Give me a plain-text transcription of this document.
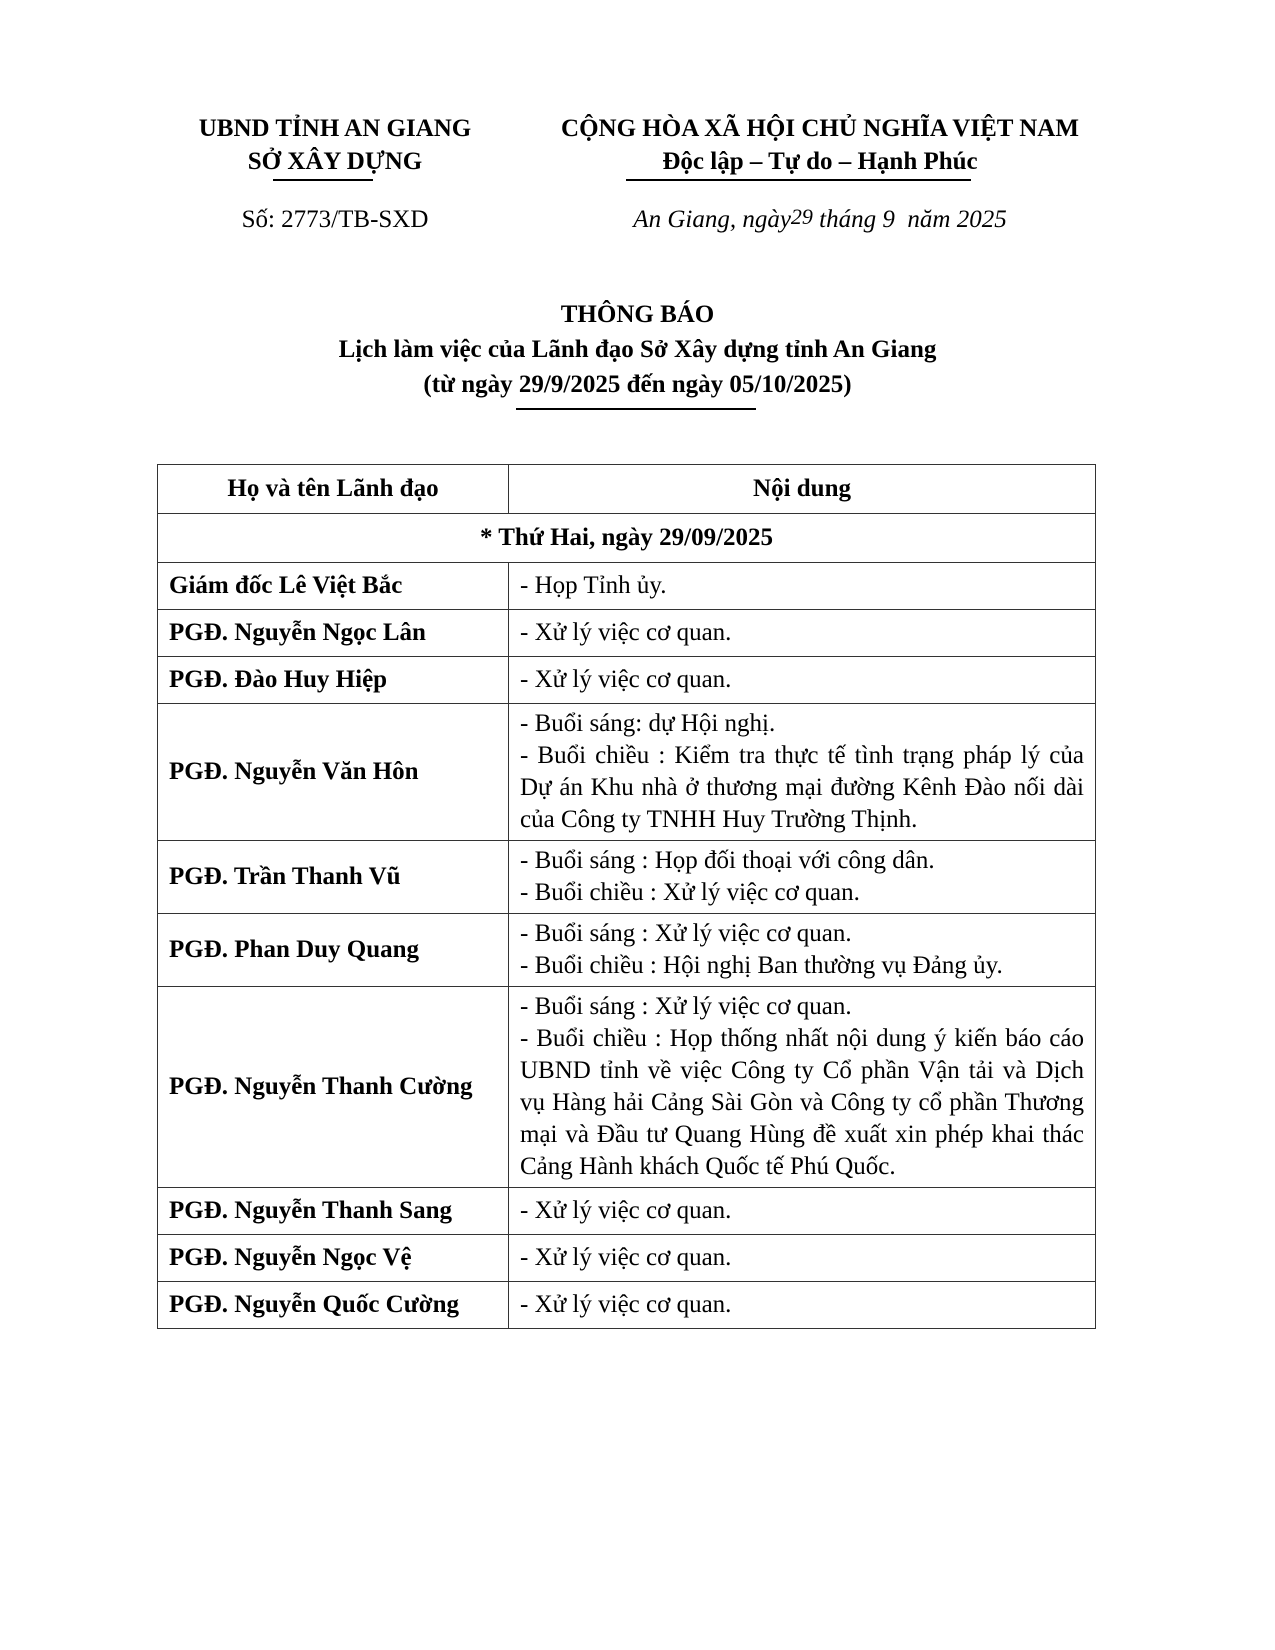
UBND TỈNH AN GIANG
SỞ XÂY DỰNG
CỘNG HÒA XÃ HỘI CHỦ NGHĨA VIỆT NAM
Độc lập – Tự do – Hạnh Phúc
Số: 2773/TB-SXD	An Giang, ngày29 tháng 9 năm 2025
THÔNG BÁO
Lịch làm việc của Lãnh đạo Sở Xây dựng tỉnh An Giang
(từ ngày 29/9/2025 đến ngày 05/10/2025)
Họ và tên Lãnh đạo	Nội dung
* Thứ Hai, ngày 29/09/2025	
Giám đốc Lê Việt Bắc	- Họp Tỉnh ủy.

PGĐ. Nguyễn Ngọc Lân	- Xử lý việc cơ quan.

PGĐ. Đào Huy Hiệp	- Xử lý việc cơ quan.

PGĐ. Nguyễn Văn Hôn	- Buổi sáng: dự Hội nghị.
- Buổi chiều : Kiểm tra thực tế tình trạng pháp lý của Dự án Khu nhà ở thương mại đường Kênh Đào nối dài của Công ty TNHH Huy Trường Thịnh.

PGĐ. Trần Thanh Vũ	- Buổi sáng : Họp đối thoại với công dân.
- Buổi chiều : Xử lý việc cơ quan.

PGĐ. Phan Duy Quang	- Buổi sáng : Xử lý việc cơ quan.
- Buổi chiều : Hội nghị Ban thường vụ Đảng ủy.

PGĐ. Nguyễn Thanh Cường	- Buổi sáng : Xử lý việc cơ quan.
- Buổi chiều : Họp thống nhất nội dung ý kiến báo cáo UBND tỉnh về việc Công ty Cổ phần Vận tải và Dịch vụ Hàng hải Cảng Sài Gòn và Công ty cổ phần Thương mại và Đầu tư Quang Hùng đề xuất xin phép khai thác Cảng Hành khách Quốc tế Phú Quốc.

PGĐ. Nguyễn Thanh Sang	- Xử lý việc cơ quan.

PGĐ. Nguyễn Ngọc Vệ	- Xử lý việc cơ quan.

PGĐ. Nguyễn Quốc Cường	- Xử lý việc cơ quan.
